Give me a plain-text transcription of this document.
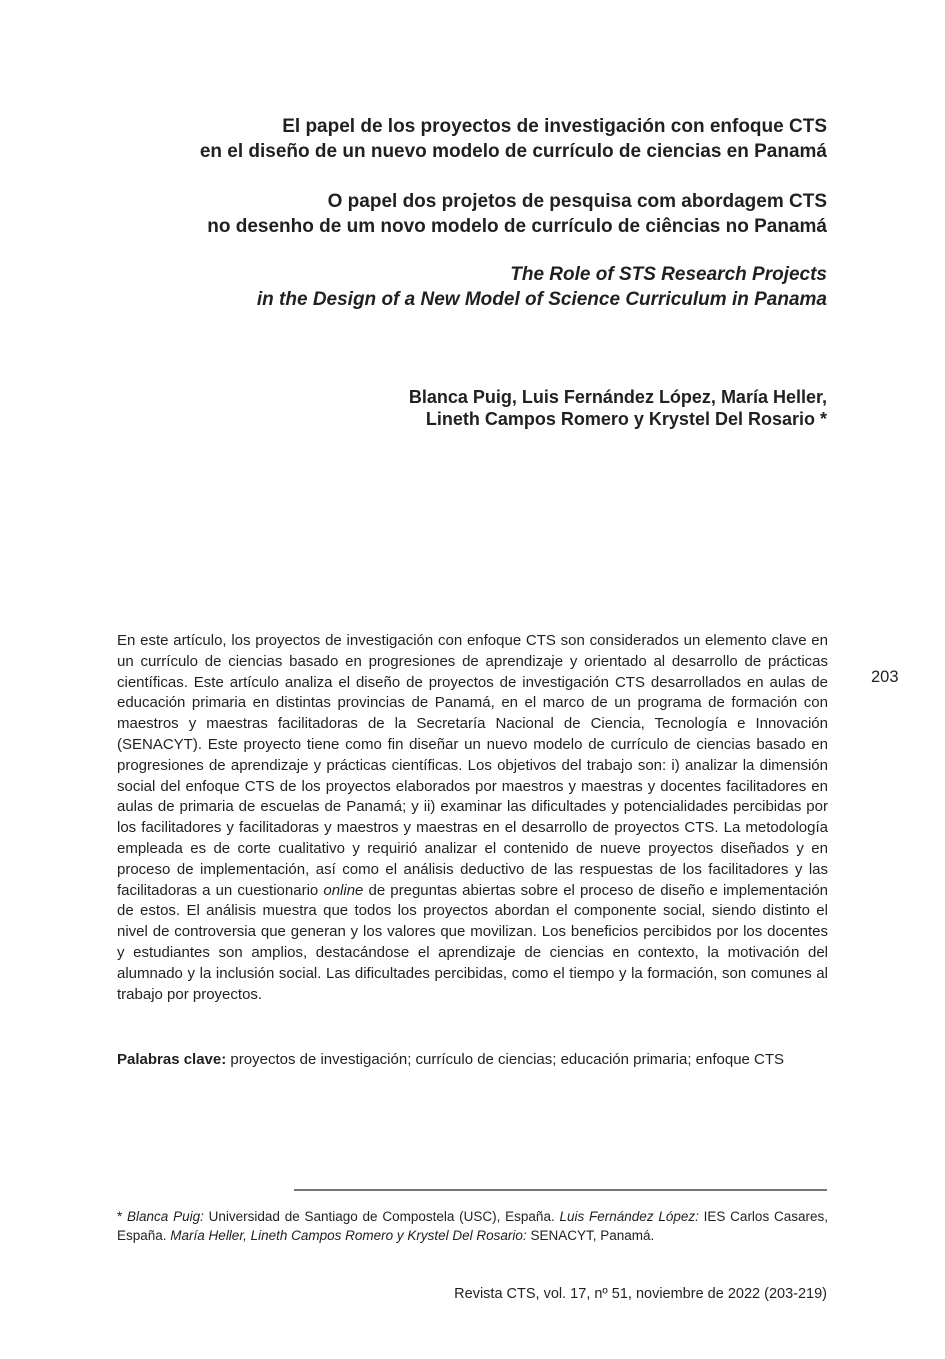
El papel de los proyectos de investigación con enfoque CTS
en el diseño de un nuevo modelo de currículo de ciencias en Panamá
O papel dos projetos de pesquisa com abordagem CTS
no desenho de um novo modelo de currículo de ciências no Panamá
The Role of STS Research Projects
in the Design of a New Model of Science Curriculum in Panama
Blanca Puig, Luis Fernández López, María Heller,
Lineth Campos Romero y Krystel Del Rosario *
203

En este artículo, los proyectos de investigación con enfoque CTS son considerados un elemento clave en un currículo de ciencias basado en progresiones de aprendizaje y orientado al desarrollo de prácticas científicas. Este artículo analiza el diseño de proyectos de investigación CTS desarrollados en aulas de educación primaria en distintas provincias de Panamá, en el marco de un programa de formación con maestros y maestras facilitadoras de la Secretaría Nacional de Ciencia, Tecnología e Innovación (SENACYT). Este proyecto tiene como fin diseñar un nuevo modelo de currículo de ciencias basado en progresiones de aprendizaje y prácticas científicas. Los objetivos del trabajo son: i) analizar la dimensión social del enfoque CTS de los proyectos elaborados por maestros y maestras y docentes facilitadores en aulas de primaria de escuelas de Panamá; y ii) examinar las dificultades y potencialidades percibidas por los facilitadores y facilitadoras y maestros y maestras en el desarrollo de proyectos CTS. La metodología empleada es de corte cualitativo y requirió analizar el contenido de nueve proyectos diseñados y en proceso de implementación, así como el análisis deductivo de las respuestas de los facilitadores y las facilitadoras a un cuestionario online de preguntas abiertas sobre el proceso de diseño e implementación de estos. El análisis muestra que todos los proyectos abordan el componente social, siendo distinto el nivel de controversia que generan y los valores que movilizan. Los beneficios percibidos por los docentes y estudiantes son amplios, destacándose el aprendizaje de ciencias en contexto, la motivación del alumnado y la inclusión social. Las dificultades percibidas, como el tiempo y la formación, son comunes al trabajo por proyectos.

Palabras clave: proyectos de investigación; currículo de ciencias; educación primaria; enfoque CTS

* Blanca Puig: Universidad de Santiago de Compostela (USC), España. Luis Fernández López: IES Carlos Casares, España. María Heller, Lineth Campos Romero y Krystel Del Rosario: SENACYT, Panamá.

Revista CTS, vol. 17, nº 51, noviembre de 2022 (203-219)
